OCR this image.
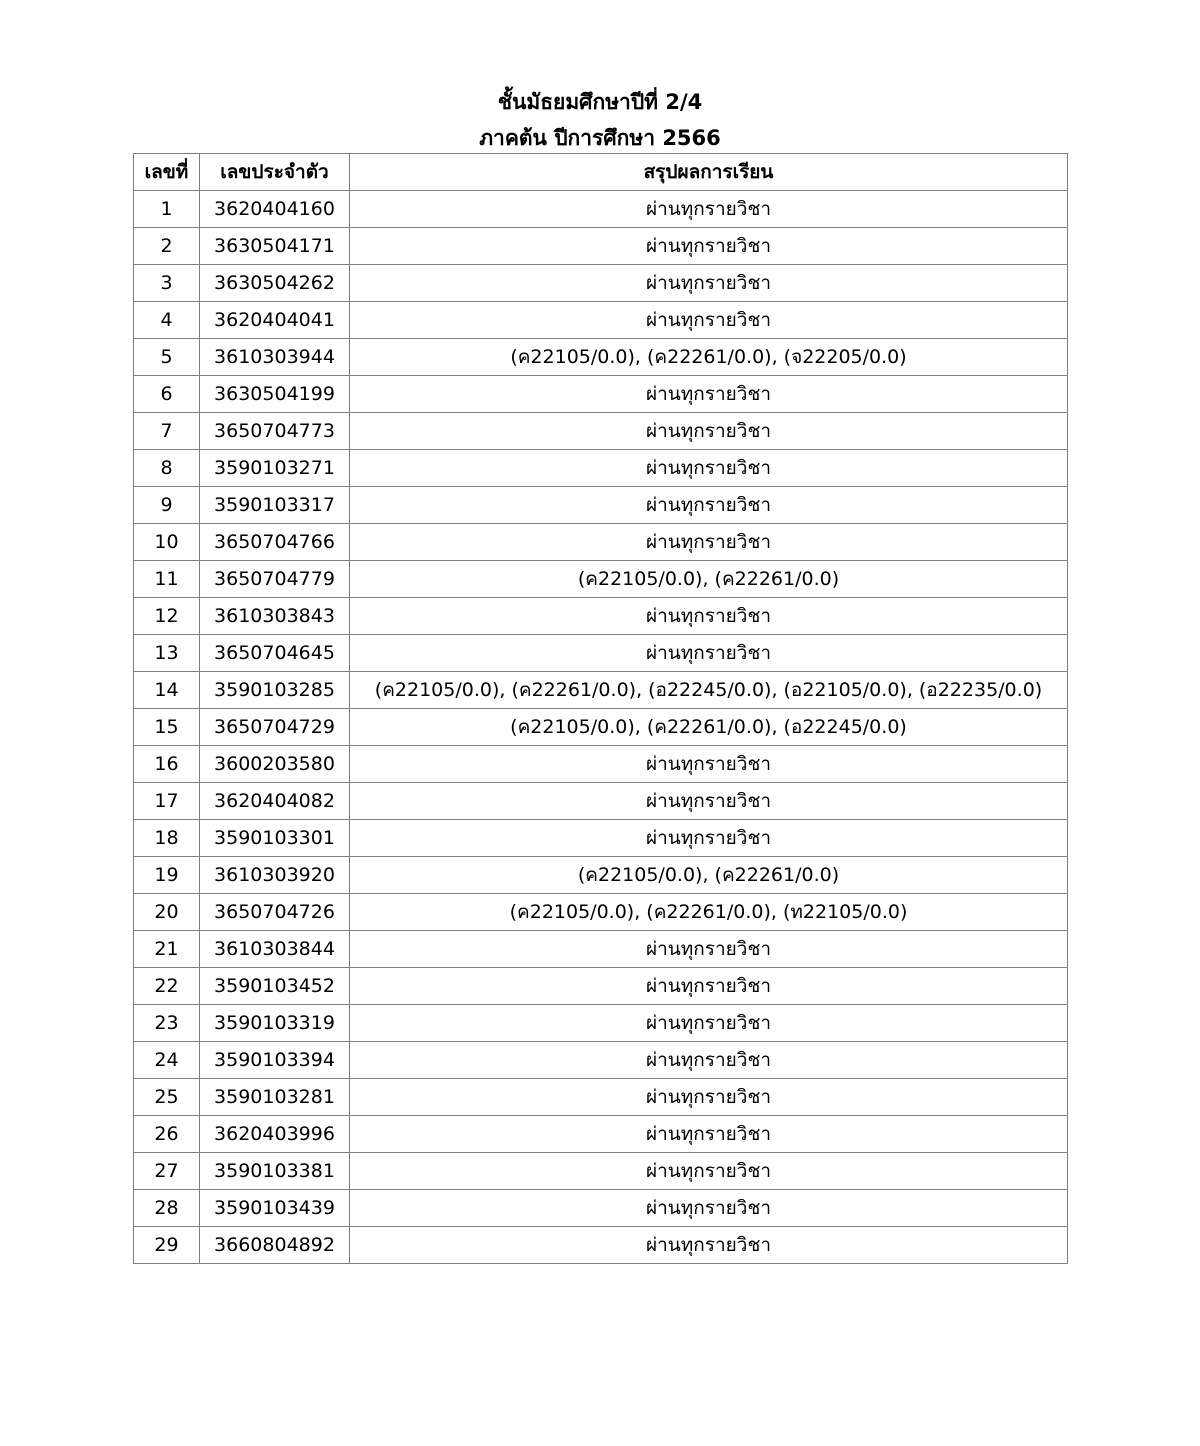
ชั้นมัธยมศึกษาปีที่ 2/4
ภาคต้น ปีการศึกษา 2566
เลขที่	เลขประจำตัว	สรุปผลการเรียน
1	3620404160	ผ่านทุกรายวิชา
2	3630504171	ผ่านทุกรายวิชา
3	3630504262	ผ่านทุกรายวิชา
4	3620404041	ผ่านทุกรายวิชา
5	3610303944	(ค22105/0.0), (ค22261/0.0), (จ22205/0.0)
6	3630504199	ผ่านทุกรายวิชา
7	3650704773	ผ่านทุกรายวิชา
8	3590103271	ผ่านทุกรายวิชา
9	3590103317	ผ่านทุกรายวิชา
10	3650704766	ผ่านทุกรายวิชา
11	3650704779	(ค22105/0.0), (ค22261/0.0)
12	3610303843	ผ่านทุกรายวิชา
13	3650704645	ผ่านทุกรายวิชา
14	3590103285	(ค22105/0.0), (ค22261/0.0), (อ22245/0.0), (อ22105/0.0), (อ22235/0.0)
15	3650704729	(ค22105/0.0), (ค22261/0.0), (อ22245/0.0)
16	3600203580	ผ่านทุกรายวิชา
17	3620404082	ผ่านทุกรายวิชา
18	3590103301	ผ่านทุกรายวิชา
19	3610303920	(ค22105/0.0), (ค22261/0.0)
20	3650704726	(ค22105/0.0), (ค22261/0.0), (ท22105/0.0)
21	3610303844	ผ่านทุกรายวิชา
22	3590103452	ผ่านทุกรายวิชา
23	3590103319	ผ่านทุกรายวิชา
24	3590103394	ผ่านทุกรายวิชา
25	3590103281	ผ่านทุกรายวิชา
26	3620403996	ผ่านทุกรายวิชา
27	3590103381	ผ่านทุกรายวิชา
28	3590103439	ผ่านทุกรายวิชา
29	3660804892	ผ่านทุกรายวิชา
